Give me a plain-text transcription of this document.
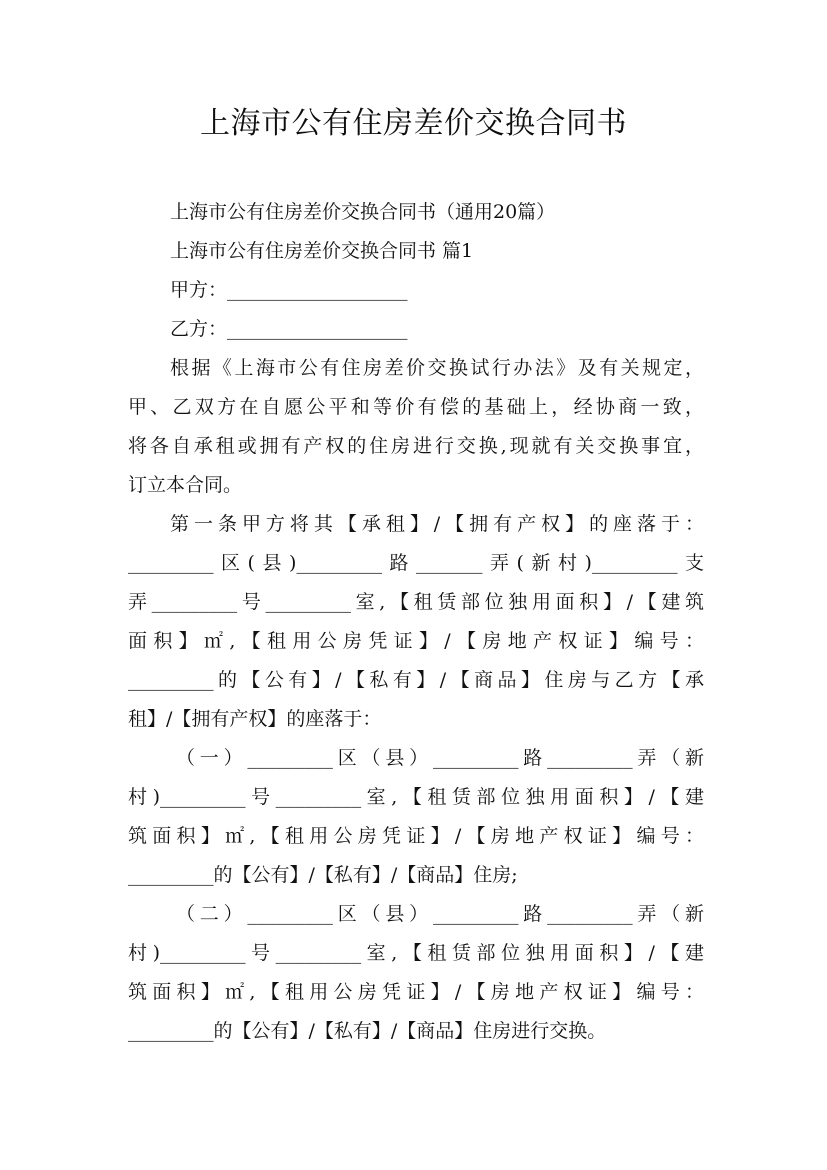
上海市公有住房差价交换合同书

上海市公有住房差价交换合同书（通用20篇）

上海市公有住房差价交换合同书 篇1

甲方：___________________

乙方：___________________

根据《上海市公有住房差价交换试行办法》及有关规定，

甲、乙双方在自愿公平和等价有偿的基础上，经协商一致，

将各自承租或拥有产权的住房进行交换,现就有关交换事宜，

订立本合同。

第一条甲方将其【承租】/【拥有产权】的座落于：

_________区(县)_________路_______弄(新村)_________支

弄_________号_________室,【租赁部位独用面积】/【建筑

面积】㎡,【租用公房凭证】/【房地产权证】编号：

_________的【公有】/【私有】/【商品】住房与乙方【承

租】/【拥有产权】的座落于：

（一）_________区（县）_________路_________弄（新

村)_________号_________室,【租赁部位独用面积】/【建

筑面积】㎡,【租用公房凭证】/【房地产权证】编号：

_________的【公有】/【私有】/【商品】住房;

（二）_________区（县）_________路_________弄（新

村)_________号_________室,【租赁部位独用面积】/【建

筑面积】㎡,【租用公房凭证】/【房地产权证】编号：

_________的【公有】/【私有】/【商品】住房进行交换。
